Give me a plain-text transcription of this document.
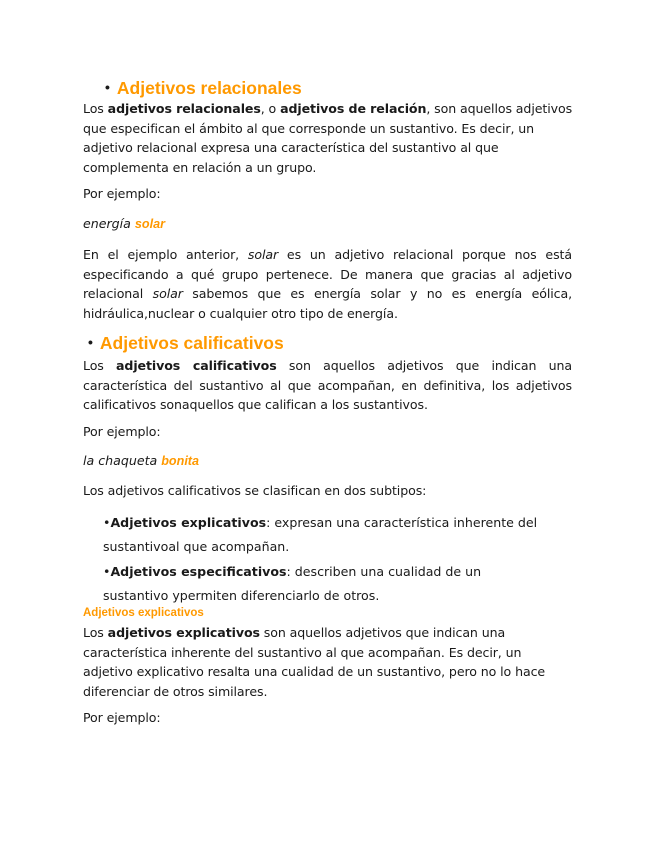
• Adjetivos relacionales
Los adjetivos relacionales, o adjetivos de relación, son aquellos adjetivos que especifican el ámbito al que corresponde un sustantivo. Es decir, un adjetivo relacional expresa una característica del sustantivo al que complementa en relación a un grupo.
Por ejemplo:
energía solar
En el ejemplo anterior, solar es un adjetivo relacional porque nos está especificando a qué grupo pertenece. De manera que gracias al adjetivo relacional solar sabemos que es energía solar y no es energía eólica, hidráulica,nuclear o cualquier otro tipo de energía.
• Adjetivos calificativos
Los adjetivos calificativos son aquellos adjetivos que indican una característica del sustantivo al que acompañan, en definitiva, los adjetivos calificativos sonaquellos que califican a los sustantivos.
Por ejemplo:
la chaqueta bonita
Los adjetivos calificativos se clasifican en dos subtipos:
•Adjetivos explicativos: expresan una característica inherente del sustantivoal que acompañan.
•Adjetivos especificativos: describen una cualidad de un sustantivo ypermiten diferenciarlo de otros.
Adjetivos explicativos
Los adjetivos explicativos son aquellos adjetivos que indican una característica inherente del sustantivo al que acompañan. Es decir, un adjetivo explicativo resalta una cualidad de un sustantivo, pero no lo hace diferenciar de otros similares.
Por ejemplo:
